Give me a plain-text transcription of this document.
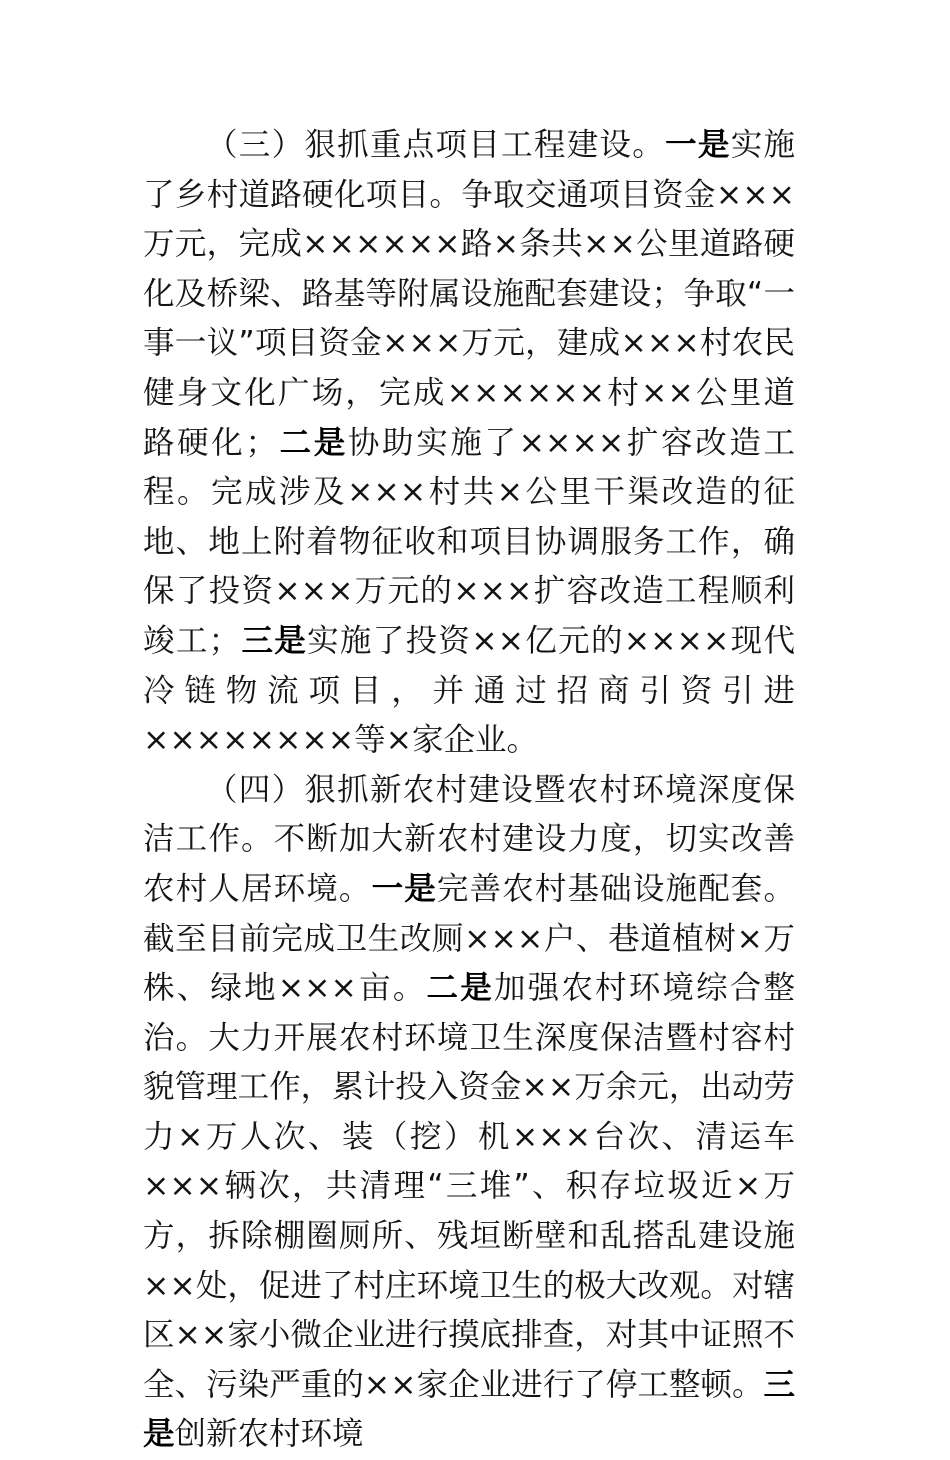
（三）狠抓重点项目工程建设。一是实施了乡村道路硬化项目。争取交通项目资金×××万元，完成××××××路×条共××公里道路硬化及桥梁、路基等附属设施配套建设；争取“一事一议”项目资金×××万元，建成×××村农民健身文化广场，完成××××××村××公里道路硬化；二是协助实施了××××扩容改造工程。完成涉及×××村共×公里干渠改造的征地、地上附着物征收和项目协调服务工作，确保了投资×××万元的×××扩容改造工程顺利竣工；三是实施了投资××亿元的××××现代冷链物流项目，并通过招商引资引进××××××××等×家企业。

（四）狠抓新农村建设暨农村环境深度保洁工作。不断加大新农村建设力度，切实改善农村人居环境。一是完善农村基础设施配套。截至目前完成卫生改厕×××户、巷道植树×万株、绿地×××亩。二是加强农村环境综合整治。大力开展农村环境卫生深度保洁暨村容村貌管理工作，累计投入资金××万余元，出动劳力×万人次、装（挖）机×××台次、清运车×××辆次，共清理“三堆”、积存垃圾近×万方，拆除棚圈厕所、残垣断壁和乱搭乱建设施××处，促进了村庄环境卫生的极大改观。对辖区××家小微企业进行摸底排查，对其中证照不全、污染严重的××家企业进行了停工整顿。三是创新农村环境
